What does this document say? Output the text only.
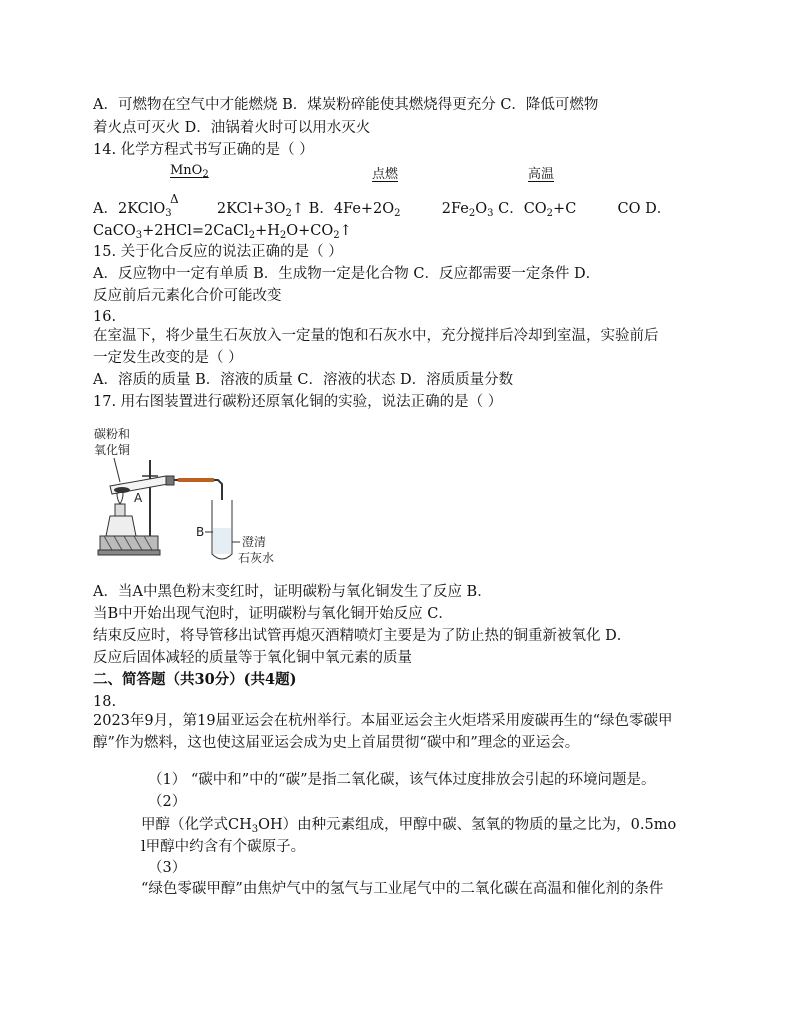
A．可燃物在空气中才能燃烧 B．煤炭粉碎能使其燃烧得更充分 C．降低可燃物
着火点可灭火 D．油锅着火时可以用水灭火
14. 化学方程式书写正确的是（ ）
MnO$_2$	点燃	高温
Δ
A．2KClO$_3$	$2KCl+3O_2↑$ B．$4Fe+2O_2$	$2Fe_2O_3$ C．$CO_2+C$	CO D．
$CaCO_3+2HCl=2CaCl_2+H_2O+CO_2↑$
15. 关于化合反应的说法正确的是（ ）
A．反应物中一定有单质 B．生成物一定是化合物 C．反应都需要一定条件 D．
反应前后元素化合价可能改变
16.
在室温下，将少量生石灰放入一定量的饱和石灰水中，充分搅拌后冷却到室温，实验前后
一定发生改变的是（ ）
A．溶质的质量 B．溶液的质量 C．溶液的状态 D．溶质质量分数
17. 用右图装置进行碳粉还原氧化铜的实验，说法正确的是（ ）
碳粉和
氧化铜
A
B
澄清
石灰水
A．当A中黑色粉末变红时，证明碳粉与氧化铜发生了反应 B．
当B中开始出现气泡时，证明碳粉与氧化铜开始反应 C．
结束反应时，将导管移出试管再熄灭酒精喷灯主要是为了防止热的铜重新被氧化 D．
反应后固体减轻的质量等于氧化铜中氧元素的质量
二、简答题（共30分）(共4题)
18.
2023年9月，第19届亚运会在杭州举行。本届亚运会主火炬塔采用废碳再生的“绿色零碳甲
醇”作为燃料，这也使这届亚运会成为史上首届贯彻“碳中和”理念的亚运会。
（1） “碳中和”中的“碳”是指二氧化碳，该气体过度排放会引起的环境问题是。
（2）
甲醇（化学式$CH_3OH$）由种元素组成，甲醇中碳、氢氧的物质的量之比为，0.5mo
l甲醇中约含有个碳原子。
（3）
“绿色零碳甲醇”由焦炉气中的氢气与工业尾气中的二氧化碳在高温和催化剂的条件
